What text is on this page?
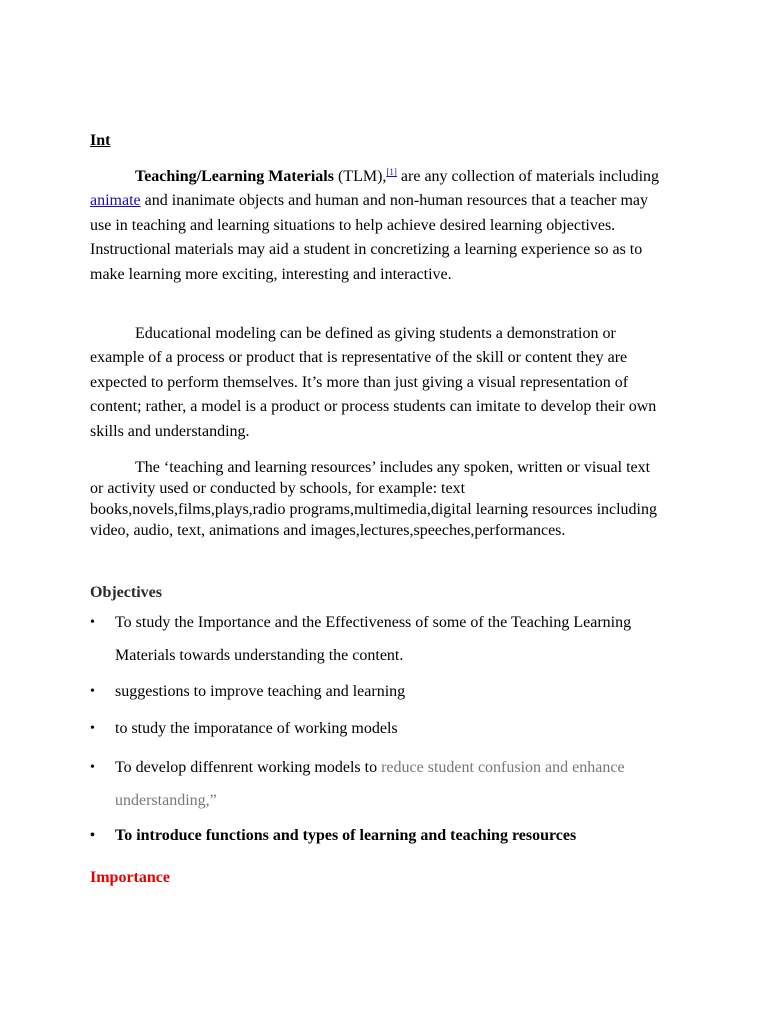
Int

Teaching/Learning Materials (TLM),[1] are any collection of materials including animate and inanimate objects and human and non-human resources that a teacher may use in teaching and learning situations to help achieve desired learning objectives. Instructional materials may aid a student in concretizing a learning experience so as to make learning more exciting, interesting and interactive.

Educational modeling can be defined as giving students a demonstration or example of a process or product that is representative of the skill or content they are expected to perform themselves. It’s more than just giving a visual representation of content; rather, a model is a product or process students can imitate to develop their own skills and understanding.

The ‘teaching and learning resources’ includes any spoken, written or visual text or activity used or conducted by schools, for example: text books,novels,films,plays,radio programs,multimedia,digital learning resources including video, audio, text, animations and images,lectures,speeches,performances.

Objectives

• To study the Importance and the Effectiveness of some of the Teaching Learning Materials towards understanding the content.
• suggestions to improve teaching and learning
• to study the imporatance of working models
• To develop diffenrent working models to reduce student confusion and enhance understanding,”
• To introduce functions and types of learning and teaching resources

Importance
